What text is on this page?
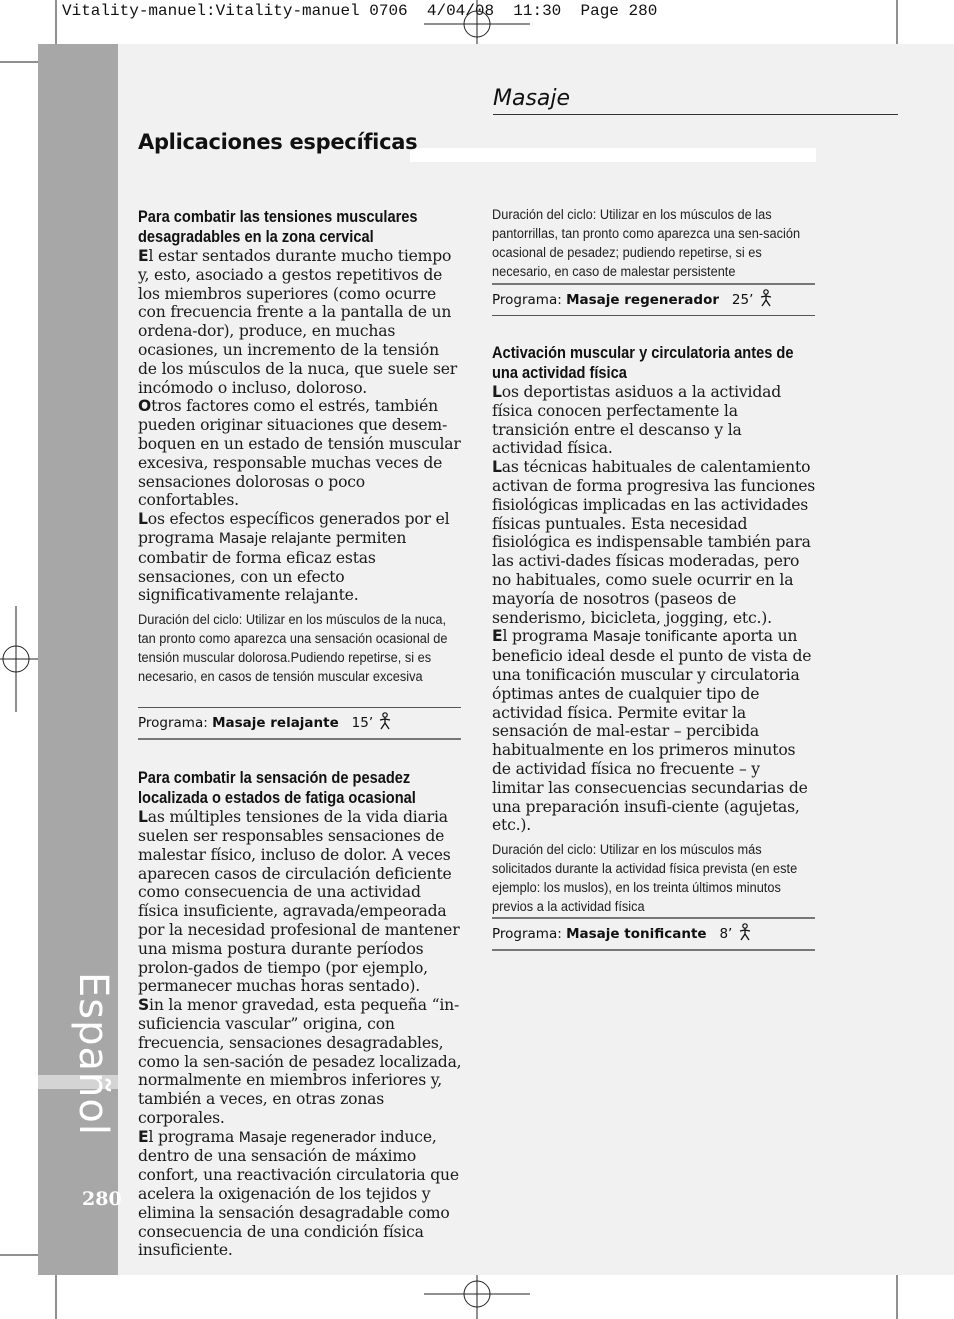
Vitality-manuel:Vitality-manuel 0706  4/04/08  11:30  Page 280
Español
280
Masaje
Aplicaciones específicas
Para combatir las tensiones musculares desagradables en la zona cervical

El estar sentados durante mucho tiempo y, esto, asociado a gestos repetitivos de los miembros superiores (como ocurre con frecuencia frente a la pantalla de un ordena-dor), produce, en muchas ocasiones, un incremento de la tensión de los músculos de la nuca, que suele ser incómodo o incluso, doloroso.

Otros factores como el estrés, también pueden originar situaciones que desem-boquen en un estado de tensión muscular excesiva, responsable muchas veces de sensaciones dolorosas o poco confortables.

Los efectos específicos generados por el programa Masaje relajante permiten combatir de forma eficaz estas sensaciones, con un efecto significativamente relajante.

Duración del ciclo: Utilizar en los músculos de la nuca, tan pronto como aparezca una sensación ocasional de tensión muscular dolorosa.Pudiendo repetirse, si es necesario, en casos de tensión muscular excesiva
Programa: Masaje relajante 15’
Para combatir la sensación de pesadez localizada o estados de fatiga ocasional

Las múltiples tensiones de la vida diaria suelen ser responsables sensaciones de malestar físico, incluso de dolor. A veces aparecen casos de circulación deficiente como consecuencia de una actividad física insuficiente, agravada/empeorada por la necesidad profesional de mantener una misma postura durante períodos prolon-gados de tiempo (por ejemplo, permanecer muchas horas sentado).

Sin la menor gravedad, esta pequeña “in-suficiencia vascular” origina, con frecuencia, sensaciones desagradables, como la sen-sación de pesadez localizada, normalmente en miembros inferiores y, también a veces, en otras zonas corporales.

El programa Masaje regenerador induce, dentro de una sensación de máximo confort, una reactivación circulatoria que acelera la oxigenación de los tejidos y elimina la sensación desagradable como consecuencia de una condición física insuficiente.

Duración del ciclo: Utilizar en los músculos de las pantorrillas, tan pronto como aparezca una sen-sación ocasional de pesadez; pudiendo repetirse, si es necesario, en caso de malestar persistente
Programa: Masaje regenerador 25’
Activación muscular y circulatoria antes de una actividad física

Los deportistas asiduos a la actividad física conocen perfectamente la transición entre el descanso y la actividad física.

Las técnicas habituales de calentamiento activan de forma progresiva las funciones fisiológicas implicadas en las actividades físicas puntuales. Esta necesidad fisiológica es indispensable también para las activi-dades físicas moderadas, pero no habituales, como suele ocurrir en la mayoría de nosotros (paseos de senderismo, bicicleta, jogging, etc.).

El programa Masaje tonificante aporta un beneficio ideal desde el punto de vista de una tonificación muscular y circulatoria óptimas antes de cualquier tipo de actividad física. Permite evitar la sensación de mal-estar – percibida habitualmente en los primeros minutos de actividad física no frecuente – y limitar las consecuencias secundarias de una preparación insufi-ciente (agujetas, etc.).

Duración del ciclo: Utilizar en los músculos más solicitados durante la actividad física prevista (en este ejemplo: los muslos), en los treinta últimos minutos previos a la actividad física
Programa: Masaje tonificante 8’
